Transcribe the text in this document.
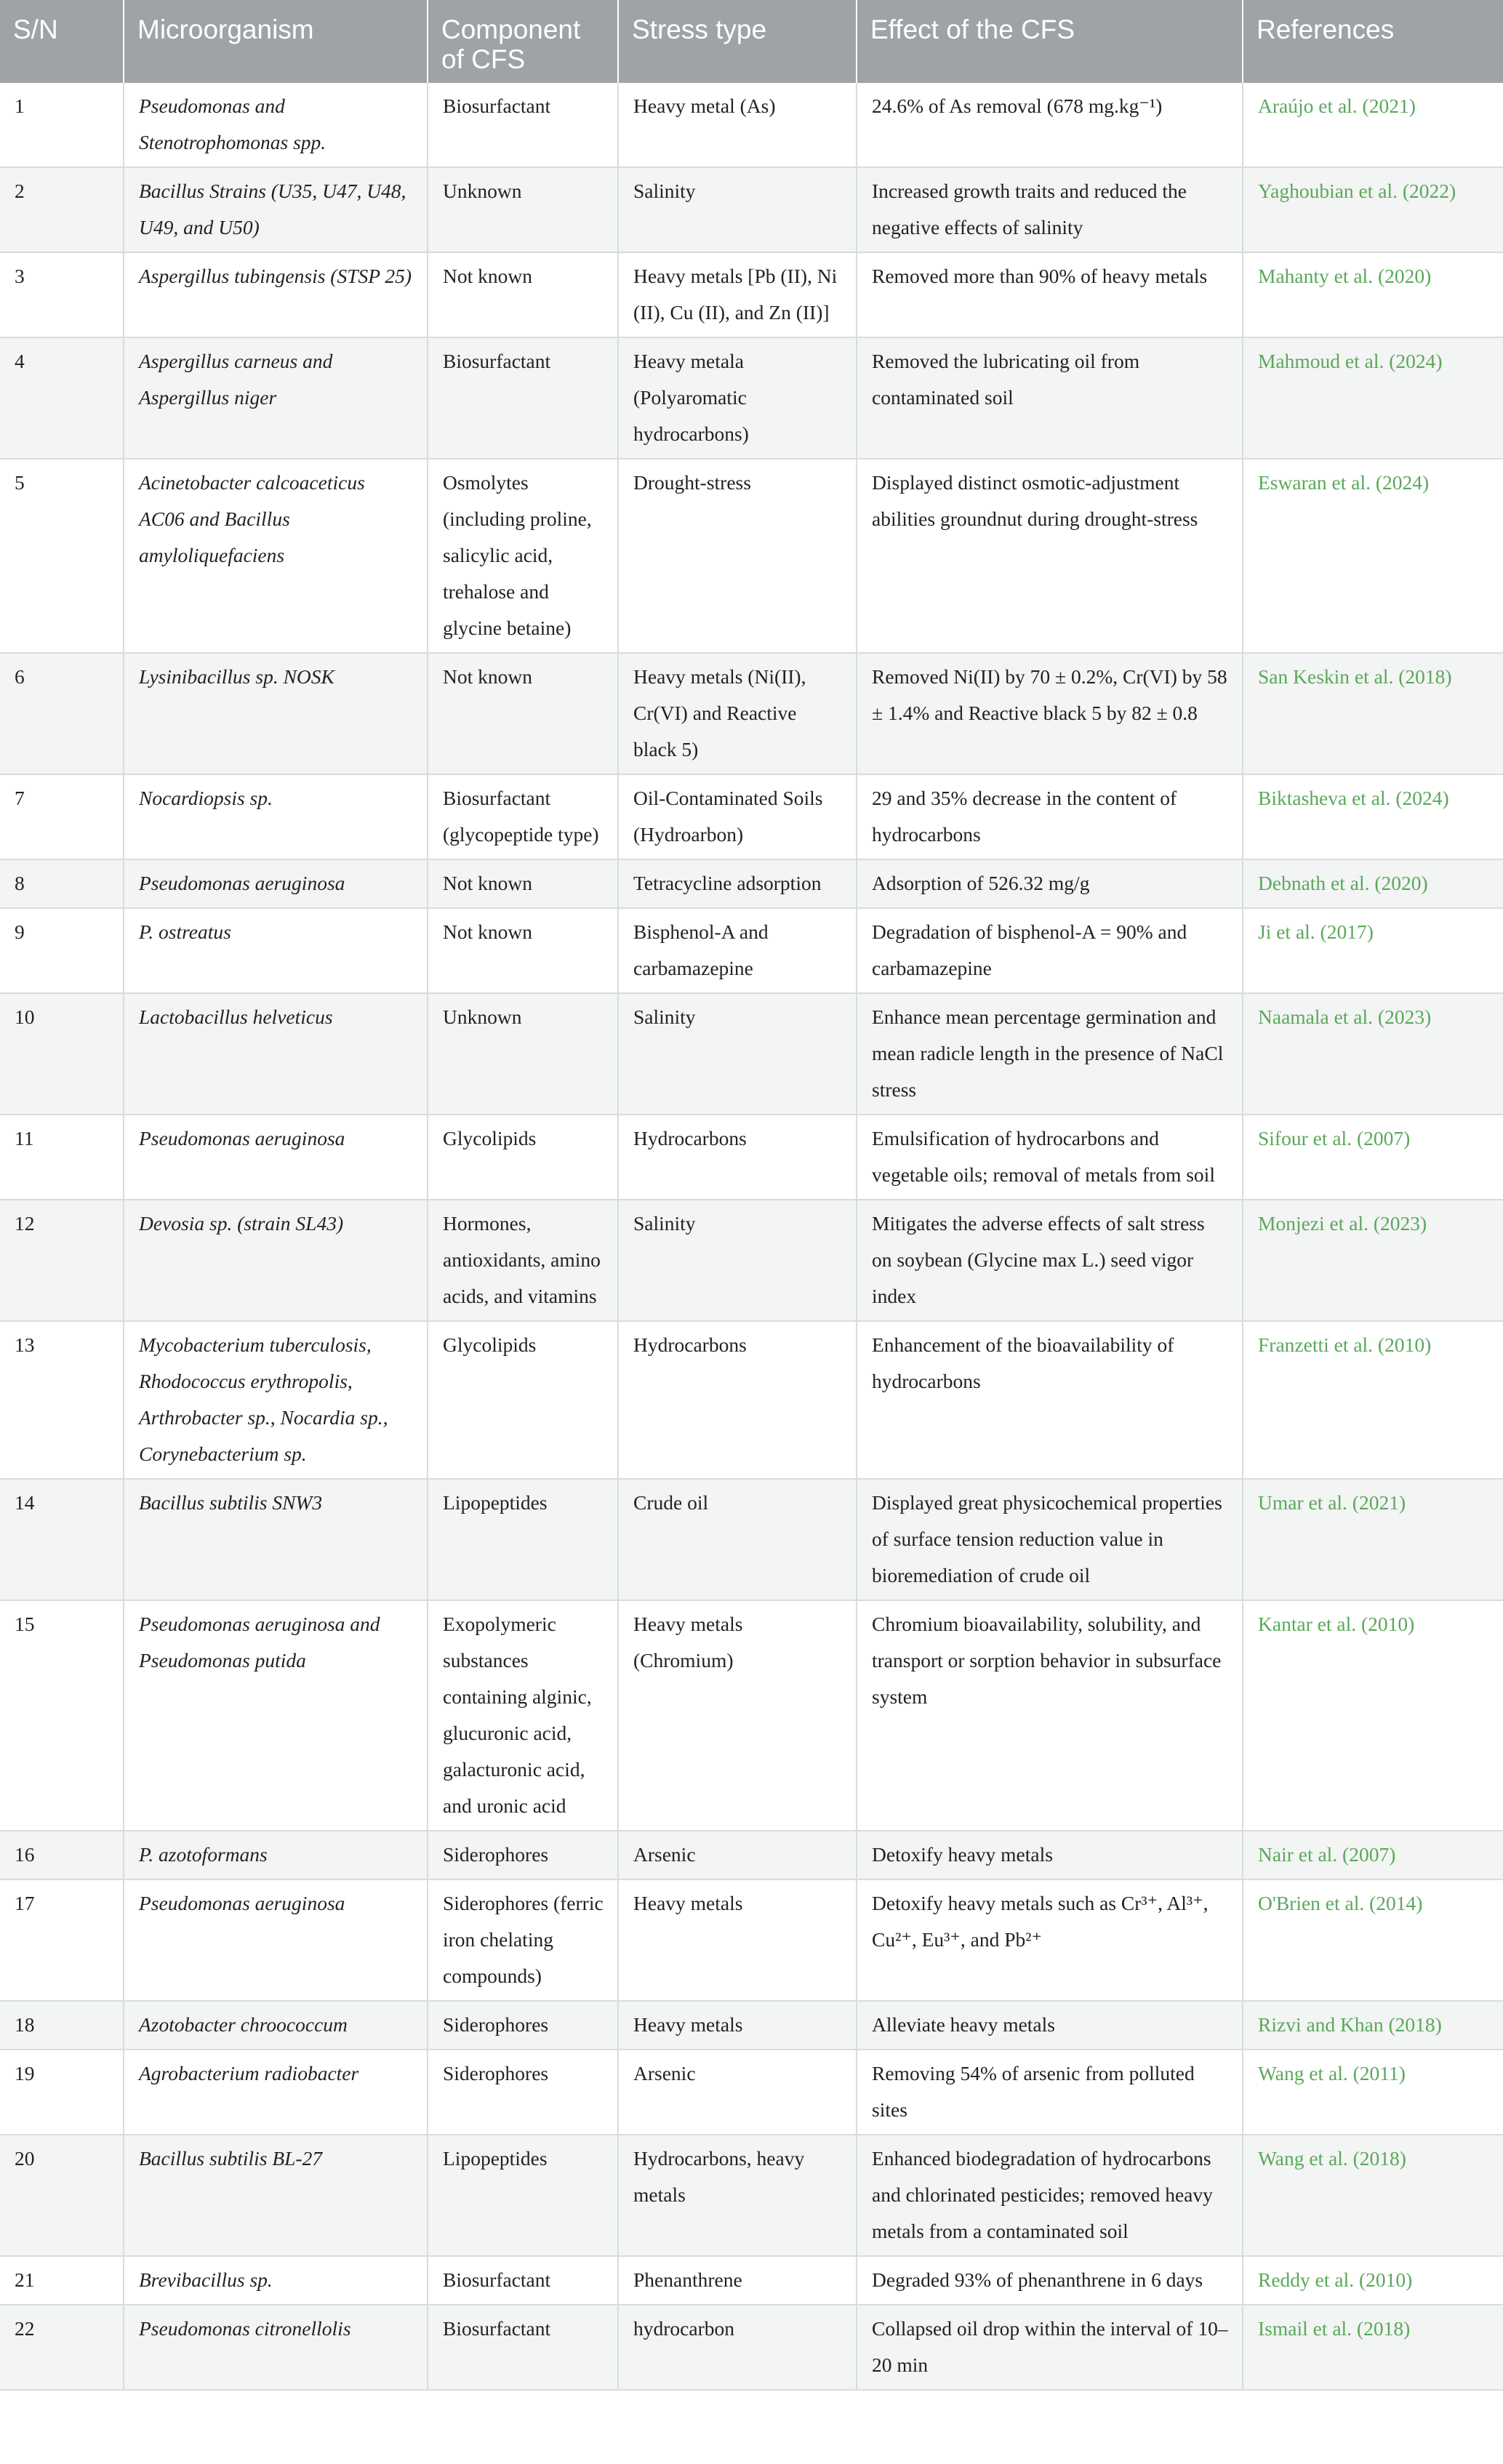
S/N	Microorganism	Component of CFS	Stress type	Effect of the CFS	References
1	Pseudomonas and Stenotrophomonas spp.	Biosurfactant	Heavy metal (As)	24.6% of As removal (678 mg.kg⁻¹)	Araújo et al. (2021)
2	Bacillus Strains (U35, U47, U48, U49, and U50)	Unknown	Salinity	Increased growth traits and reduced the negative effects of salinity	Yaghoubian et al. (2022)
3	Aspergillus tubingensis (STSP 25)	Not known	Heavy metals [Pb (II), Ni (II), Cu (II), and Zn (II)]	Removed more than 90% of heavy metals	Mahanty et al. (2020)
4	Aspergillus carneus and Aspergillus niger	Biosurfactant	Heavy metala (Polyaromatic hydrocarbons)	Removed the lubricating oil from contaminated soil	Mahmoud et al. (2024)
5	Acinetobacter calcoaceticus AC06 and Bacillus amyloliquefaciens	Osmolytes (including proline, salicylic acid, trehalose and glycine betaine)	Drought-stress	Displayed distinct osmotic-adjustment abilities groundnut during drought-stress	Eswaran et al. (2024)
6	Lysinibacillus sp. NOSK	Not known	Heavy metals (Ni(II), Cr(VI) and Reactive black 5)	Removed Ni(II) by 70 ± 0.2%, Cr(VI) by 58 ± 1.4% and Reactive black 5 by 82 ± 0.8	San Keskin et al. (2018)
7	Nocardiopsis sp.	Biosurfactant (glycopeptide type)	Oil-Contaminated Soils (Hydroarbon)	29 and 35% decrease in the content of hydrocarbons	Biktasheva et al. (2024)
8	Pseudomonas aeruginosa	Not known	Tetracycline adsorption	Adsorption of 526.32 mg/g	Debnath et al. (2020)
9	P. ostreatus	Not known	Bisphenol-A and carbamazepine	Degradation of bisphenol-A = 90% and carbamazepine	Ji et al. (2017)
10	Lactobacillus helveticus	Unknown	Salinity	Enhance mean percentage germination and mean radicle length in the presence of NaCl stress	Naamala et al. (2023)
11	Pseudomonas aeruginosa	Glycolipids	Hydrocarbons	Emulsification of hydrocarbons and vegetable oils; removal of metals from soil	Sifour et al. (2007)
12	Devosia sp. (strain SL43)	Hormones, antioxidants, amino acids, and vitamins	Salinity	Mitigates the adverse effects of salt stress on soybean (Glycine max L.) seed vigor index	Monjezi et al. (2023)
13	Mycobacterium tuberculosis, Rhodococcus erythropolis, Arthrobacter sp., Nocardia sp., Corynebacterium sp.	Glycolipids	Hydrocarbons	Enhancement of the bioavailability of hydrocarbons	Franzetti et al. (2010)
14	Bacillus subtilis SNW3	Lipopeptides	Crude oil	Displayed great physicochemical properties of surface tension reduction value in bioremediation of crude oil	Umar et al. (2021)
15	Pseudomonas aeruginosa and Pseudomonas putida	Exopolymeric substances containing alginic, glucuronic acid, galacturonic acid, and uronic acid	Heavy metals (Chromium)	Chromium bioavailability, solubility, and transport or sorption behavior in subsurface system	Kantar et al. (2010)
16	P. azotoformans	Siderophores	Arsenic	Detoxify heavy metals	Nair et al. (2007)
17	Pseudomonas aeruginosa	Siderophores (ferric iron chelating compounds)	Heavy metals	Detoxify heavy metals such as Cr³⁺, Al³⁺, Cu²⁺, Eu³⁺, and Pb²⁺	O'Brien et al. (2014)
18	Azotobacter chroococcum	Siderophores	Heavy metals	Alleviate heavy metals	Rizvi and Khan (2018)
19	Agrobacterium radiobacter	Siderophores	Arsenic	Removing 54% of arsenic from polluted sites	Wang et al. (2011)
20	Bacillus subtilis BL-27	Lipopeptides	Hydrocarbons, heavy metals	Enhanced biodegradation of hydrocarbons and chlorinated pesticides; removed heavy metals from a contaminated soil	Wang et al. (2018)
21	Brevibacillus sp.	Biosurfactant	Phenanthrene	Degraded 93% of phenanthrene in 6 days	Reddy et al. (2010)
22	Pseudomonas citronellolis	Biosurfactant	hydrocarbon	Collapsed oil drop within the interval of 10–20 min	Ismail et al. (2018)
